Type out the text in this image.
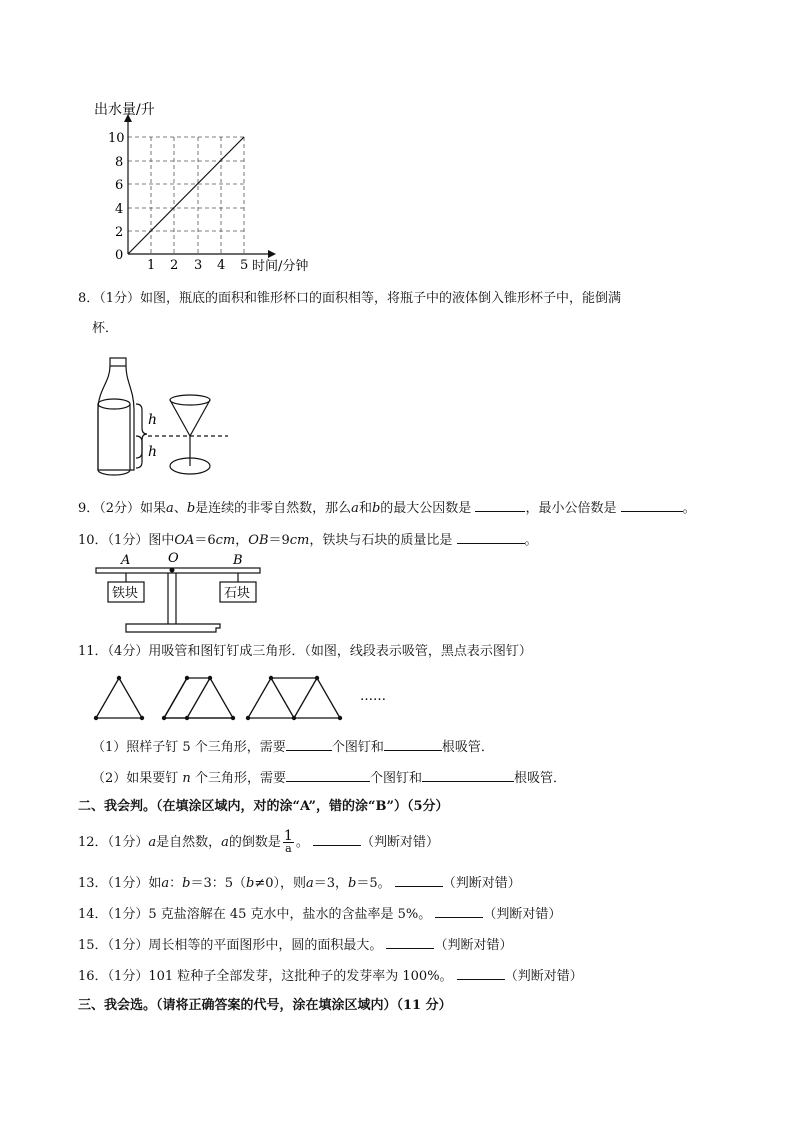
出水量/升
时间/分钟
0
2
4
6
8
10
1 2 3 4 5
8．（1分）如图，瓶底的面积和锥形杯口的面积相等，将瓶子中的液体倒入锥形杯子中，能倒满
杯．
h
h
9．（2分）如果a、b是连续的非零自然数，那么a和b的最大公因数是	，最小公倍数是	。
10．（1分）图中OA＝6cm，OB＝9cm，铁块与石块的质量比是	。
A	O	B
铁块	石块
11．（4分）用吸管和图钉钉成三角形．（如图，线段表示吸管，黑点表示图钉）
……
（1）照样子钉 5 个三角形，需要	个图钉和	根吸管．
（2）如果要钉 n 个三角形，需要	个图钉和	根吸管．
二、我会判。（在填涂区域内，对的涂“A”，错的涂“B”）（5分）
12．（1分）a是自然数，a的倒数是 $\frac{1}{a}$ 。	（判断对错）
13．（1分）如a：b＝3：5（b≠0），则a＝3，b＝5。	（判断对错）
14．（1分）5 克盐溶解在 45 克水中，盐水的含盐率是 5%。	（判断对错）
15．（1分）周长相等的平面图形中，圆的面积最大。	（判断对错）
16．（1分）101 粒种子全部发芽，这批种子的发芽率为 100%。	（判断对错）
三、我会选。（请将正确答案的代号，涂在填涂区域内）（11 分）
